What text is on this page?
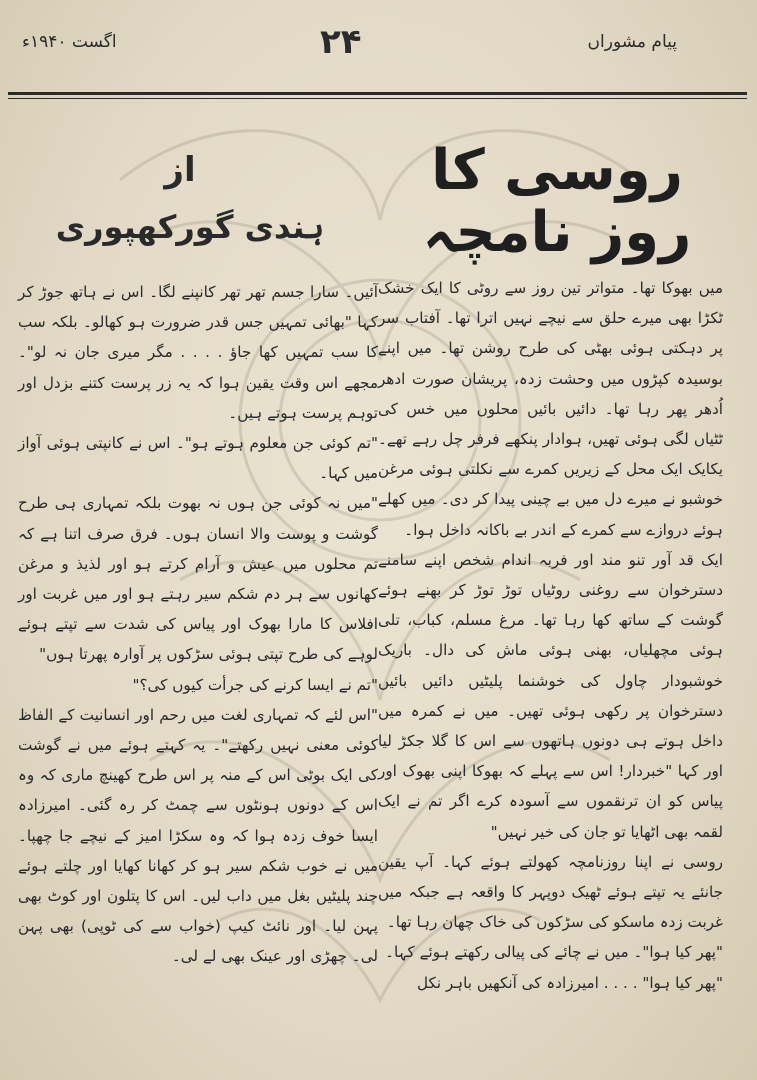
اگست ۱۹۴۰ء	۲۴	پیام مشوراں
روسی کا روز نامچہ
از
ہندی گورکھپوری

میں بھوکا تھا۔ متواتر تین روز سے روٹی کا ایک خشک ٹکڑا بھی میرے حلق سے نیچے نہیں اترا تھا۔ آفتاب سر پر دہکتی ہوئی بھٹی کی طرح روشن تھا۔ میں اپنے بوسیدہ کپڑوں میں وحشت زدہ، پریشان صورت ادھر اُدھر پھر رہا تھا۔ دائیں بائیں محلوں میں خس کی ٹٹیاں لگی ہوئی تھیں، ہوادار پنکھے فرفر چل رہے تھے۔ یکایک ایک محل کے زیریں کمرے سے نکلتی ہوئی مرغن خوشبو نے میرے دل میں بے چینی پیدا کر دی۔ میں کھلے ہوئے دروازے سے کمرے کے اندر بے باکانہ داخل ہوا۔

ایک قد آور تنو مند اور فربہ اندام شخص اپنے سامنے دسترخوان سے روغنی روٹیاں توڑ توڑ کر بھنے ہوئے گوشت کے ساتھ کھا رہا تھا۔ مرغ مسلم، کباب، تلی ہوئی مچھلیاں، بھنی ہوئی ماش کی دال۔ باریک خوشبودار چاول کی خوشنما پلیٹیں دائیں بائیں دسترخوان پر رکھی ہوئی تھیں۔ میں نے کمرہ میں داخل ہوتے ہی دونوں ہاتھوں سے اس کا گلا جکڑ لیا اور کہا "خبردار! اس سے پہلے کہ بھوکا اپنی بھوک اور پیاس کو ان ترنقموں سے آسودہ کرے اگر تم نے ایک لقمہ بھی اٹھایا تو جان کی خیر نہیں"

روسی نے اپنا روزنامچہ کھولتے ہوئے کہا۔ آپ یقین جانئے یہ تپتے ہوئے ٹھیک دوپہر کا واقعہ ہے جبکہ میں غربت زدہ ماسکو کی سڑکوں کی خاک چھان رہا تھا۔

"پھر کیا ہوا"۔ میں نے چائے کی پیالی رکھتے ہوئے کہا۔

"پھر کیا ہوا" . . . . امیرزادہ کی آنکھیں باہر نکل

آئیں۔ سارا جسم تھر تھر کانپنے لگا۔ اس نے ہاتھ جوڑ کر کہا "بھائی تمہیں جس قدر ضرورت ہو کھالو۔ بلکہ سب کا سب تمہیں کھا جاؤ . . . . مگر میری جان نہ لو"۔ مجھے اس وقت یقین ہوا کہ یہ زر پرست کتنے بزدل اور توہم پرست ہوتے ہیں۔

"تم کوئی جن معلوم ہوتے ہو"۔ اس نے کانپتی ہوئی آواز میں کہا۔

"میں نہ کوئی جن ہوں نہ بھوت بلکہ تمہاری ہی طرح گوشت و پوست والا انسان ہوں۔ فرق صرف اتنا ہے کہ تم محلوں میں عیش و آرام کرتے ہو اور لذیذ و مرغن کھانوں سے ہر دم شکم سیر رہتے ہو اور میں غربت اور افلاس کا مارا بھوک اور پیاس کی شدت سے تپتے ہوئے لوہے کی طرح تپتی ہوئی سڑکوں پر آوارہ پھرتا ہوں"

"تم نے ایسا کرنے کی جرأت کیوں کی؟"

"اس لئے کہ تمہاری لغت میں رحم اور انسانیت کے الفاظ کوئی معنی نہیں رکھتے"۔ یہ کہتے ہوئے میں نے گوشت کی ایک بوٹی اس کے منہ پر اس طرح کھینچ ماری کہ وہ اس کے دونوں ہونٹوں سے چمٹ کر رہ گئی۔ امیرزادہ ایسا خوف زدہ ہوا کہ وہ سکڑا امیز کے نیچے جا چھپا۔ میں نے خوب شکم سیر ہو کر کھانا کھایا اور چلتے ہوئے چند پلیٹیں بغل میں داب لیں۔ اس کا پتلون اور کوٹ بھی پہن لیا۔ اور نائٹ کیپ (خواب سے کی ٹوپی) بھی پہن لی۔ چھڑی اور عینک بھی لے لی۔
